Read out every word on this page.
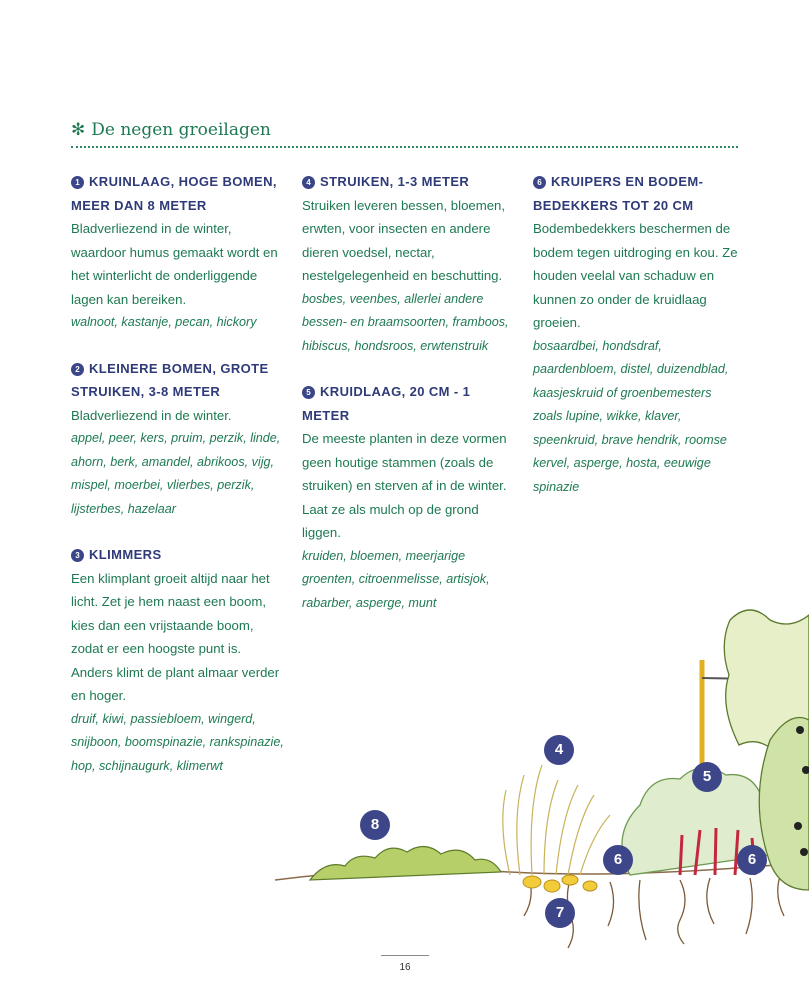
✻ De negen groeilagen

1 KRUINLAAG, HOGE BOMEN, MEER DAN 8 METER

Bladverliezend in de winter, waardoor humus gemaakt wordt en het winterlicht de onderliggende lagen kan bereiken.

walnoot, kastanje, pecan, hickory

2 KLEINERE BOMEN, GROTE STRUIKEN, 3-8 METER

Bladverliezend in de winter.

appel, peer, kers, pruim, perzik, linde, ahorn, berk, amandel, abrikoos, vijg, mispel, moerbei, vlierbes, perzik, lijsterbes, hazelaar

3 KLIMMERS

Een klimplant groeit altijd naar het licht. Zet je hem naast een boom, kies dan een vrijstaande boom, zodat er een hoogste punt is. Anders klimt de plant almaar verder en hoger.

druif, kiwi, passiebloem, wingerd, snijboon, boomspinazie, rankspinazie, hop, schijnaugurk, klimerwt

4 STRUIKEN, 1-3 METER

Struiken leveren bessen, bloemen, erwten, voor insecten en andere dieren voedsel, nectar, nestelgelegenheid en beschutting.

bosbes, veenbes, allerlei andere bessen- en braamsoorten, framboos, hibiscus, hondsroos, erwtenstruik

5 KRUIDLAAG, 20 CM - 1 METER

De meeste planten in deze vormen geen houtige stammen (zoals de struiken) en sterven af in de winter. Laat ze als mulch op de grond liggen.

kruiden, bloemen, meerjarige groenten, citroenmelisse, artisjok, rabarber, asperge, munt

6 KRUIPERS EN BODEMBEDEKKERS TOT 20 CM

Bodembedekkers beschermen de bodem tegen uitdroging en kou. Ze houden veelal van schaduw en kunnen zo onder de kruidlaag groeien.

bosaardbei, hondsdraf, paardenbloem, distel, duizendblad, kaasjeskruid of groenbemesters zoals lupine, wikke, klaver, speenkruid, brave hendrik, roomse kervel, asperge, hosta, eeuwige spinazie

4
5
6	6
7
8
16
